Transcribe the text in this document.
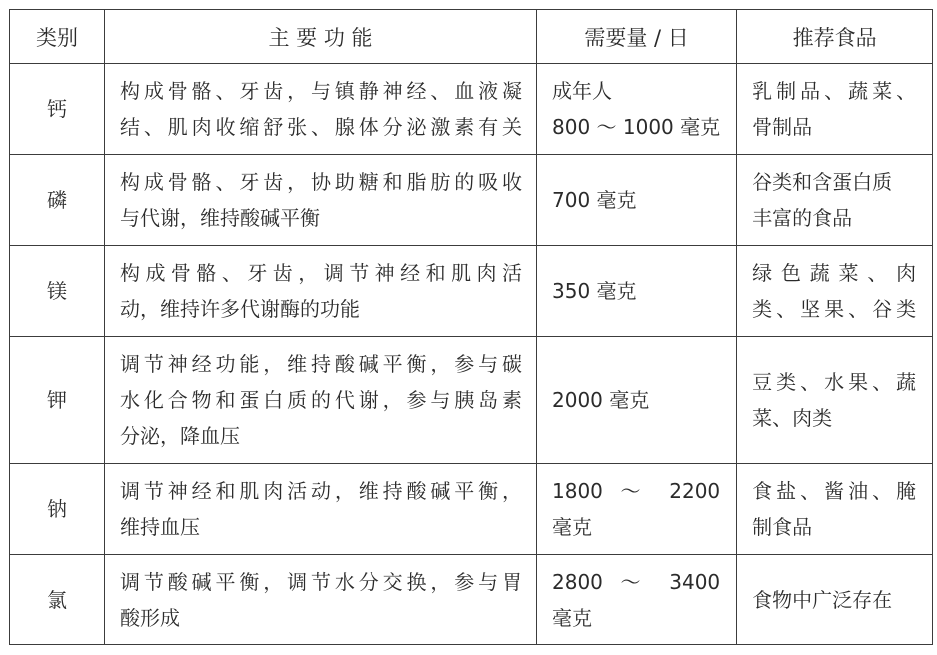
类别	主 要 功 能	需要量 / 日	推荐食品
钙	构成骨骼、牙齿，与镇静神经、血液凝
结、肌肉收缩舒张、腺体分泌激素有关	成年人
800 ～ 1000 毫克	乳制品、蔬菜、
骨制品

磷	构成骨骼、牙齿，协助糖和脂肪的吸收
与代谢，维持酸碱平衡	700 毫克	谷类和含蛋白质
丰富的食品

镁	构成骨骼、牙齿，调节神经和肌肉活
动，维持许多代谢酶的功能	350 毫克	绿色蔬菜、肉
类、坚果、谷类

钾	调节神经功能，维持酸碱平衡，参与碳
水化合物和蛋白质的代谢，参与胰岛素
分泌，降血压	2000 毫克	豆类、水果、蔬
菜、肉类

钠	调节神经和肌肉活动，维持酸碱平衡，
维持血压	1800 ～ 2200
毫克	食盐、酱油、腌
制食品

氯	调节酸碱平衡，调节水分交换，参与胃
酸形成	2800 ～ 3400
毫克	食物中广泛存在
